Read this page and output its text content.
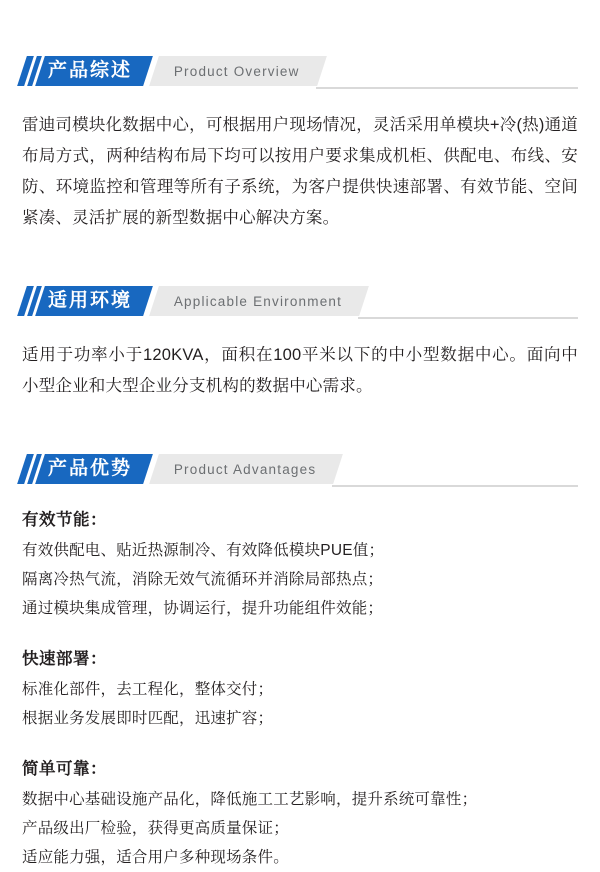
产品综述	Product Overview

雷迪司模块化数据中心，可根据用户现场情况，灵活采用单模块+冷(热)通道布局方式，两种结构布局下均可以按用户要求集成机柜、供配电、布线、安防、环境监控和管理等所有子系统，为客户提供快速部署、有效节能、空间紧凑、灵活扩展的新型数据中心解决方案。

适用环境	Applicable Environment

适用于功率小于120KVA，面积在100平米以下的中小型数据中心。面向中小型企业和大型企业分支机构的数据中心需求。

产品优势	Product Advantages
有效节能：
有效供配电、贴近热源制冷、有效降低模块PUE值；
隔离冷热气流，消除无效气流循环并消除局部热点；
通过模块集成管理，协调运行，提升功能组件效能；
快速部署：
标准化部件，去工程化，整体交付；
根据业务发展即时匹配，迅速扩容；
简单可靠：
数据中心基础设施产品化，降低施工工艺影响，提升系统可靠性；
产品级出厂检验，获得更高质量保证；
适应能力强，适合用户多种现场条件。
